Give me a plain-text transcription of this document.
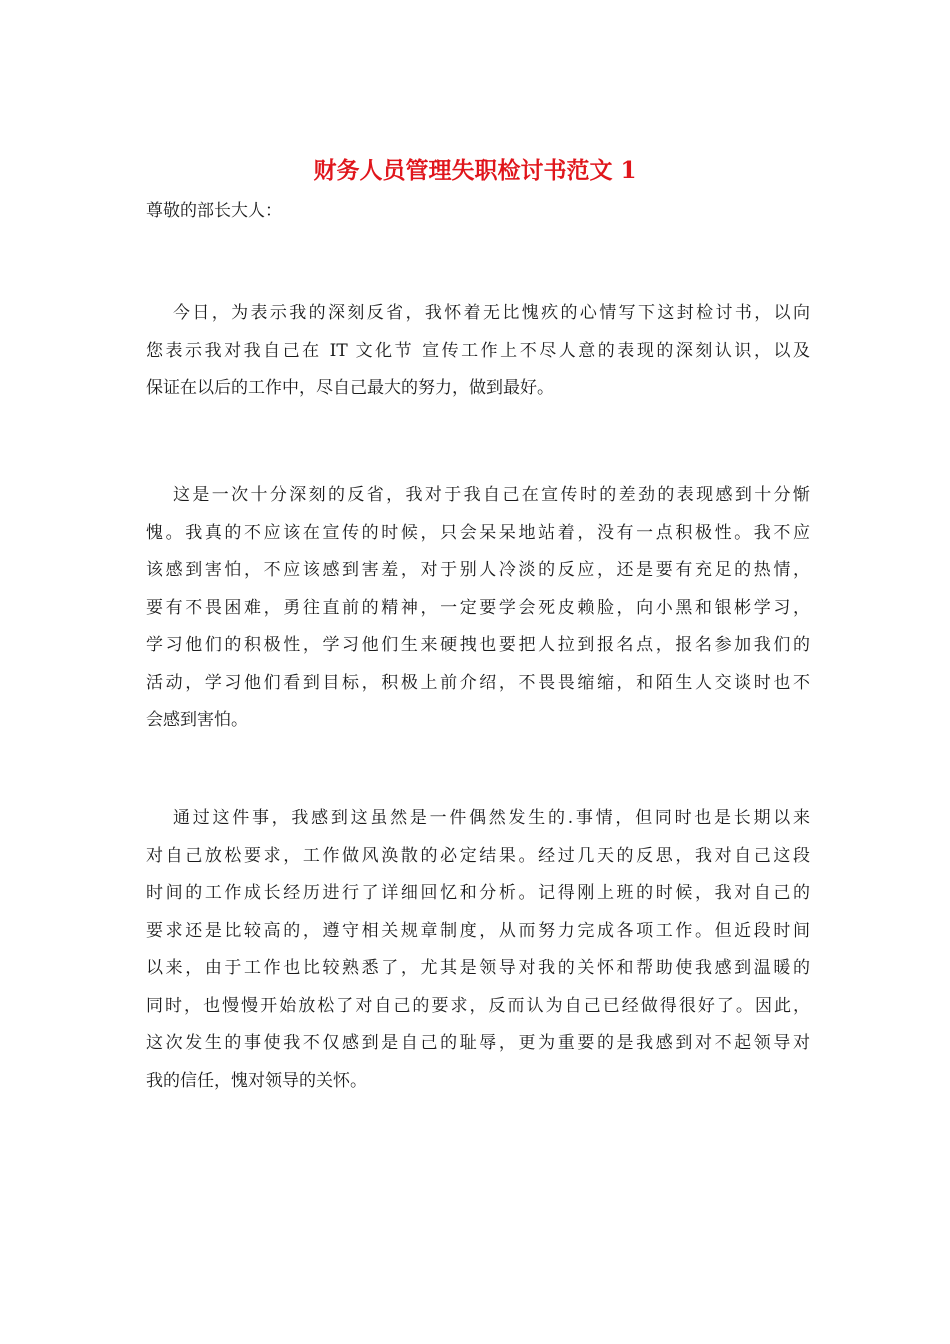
财务人员管理失职检讨书范文 1

尊敬的部长大人：

今日，为表示我的深刻反省，我怀着无比愧疚的心情写下这封检讨书，以向
您表示我对我自己在 IT 文化节 宣传工作上不尽人意的表现的深刻认识，以及
保证在以后的工作中，尽自己最大的努力，做到最好。
这是一次十分深刻的反省，我对于我自己在宣传时的差劲的表现感到十分惭
愧。我真的不应该在宣传的时候，只会呆呆地站着，没有一点积极性。我不应
该感到害怕，不应该感到害羞，对于别人冷淡的反应，还是要有充足的热情，
要有不畏困难，勇往直前的精神，一定要学会死皮赖脸，向小黑和银彬学习，
学习他们的积极性，学习他们生来硬拽也要把人拉到报名点，报名参加我们的
活动，学习他们看到目标，积极上前介绍，不畏畏缩缩，和陌生人交谈时也不
会感到害怕。
通过这件事，我感到这虽然是一件偶然发生的.事情，但同时也是长期以来
对自己放松要求，工作做风涣散的必定结果。经过几天的反思，我对自己这段
时间的工作成长经历进行了详细回忆和分析。记得刚上班的时候，我对自己的
要求还是比较高的，遵守相关规章制度，从而努力完成各项工作。但近段时间
以来，由于工作也比较熟悉了，尤其是领导对我的关怀和帮助使我感到温暖的
同时，也慢慢开始放松了对自己的要求，反而认为自己已经做得很好了。因此，
这次发生的事使我不仅感到是自己的耻辱，更为重要的是我感到对不起领导对
我的信任，愧对领导的关怀。
